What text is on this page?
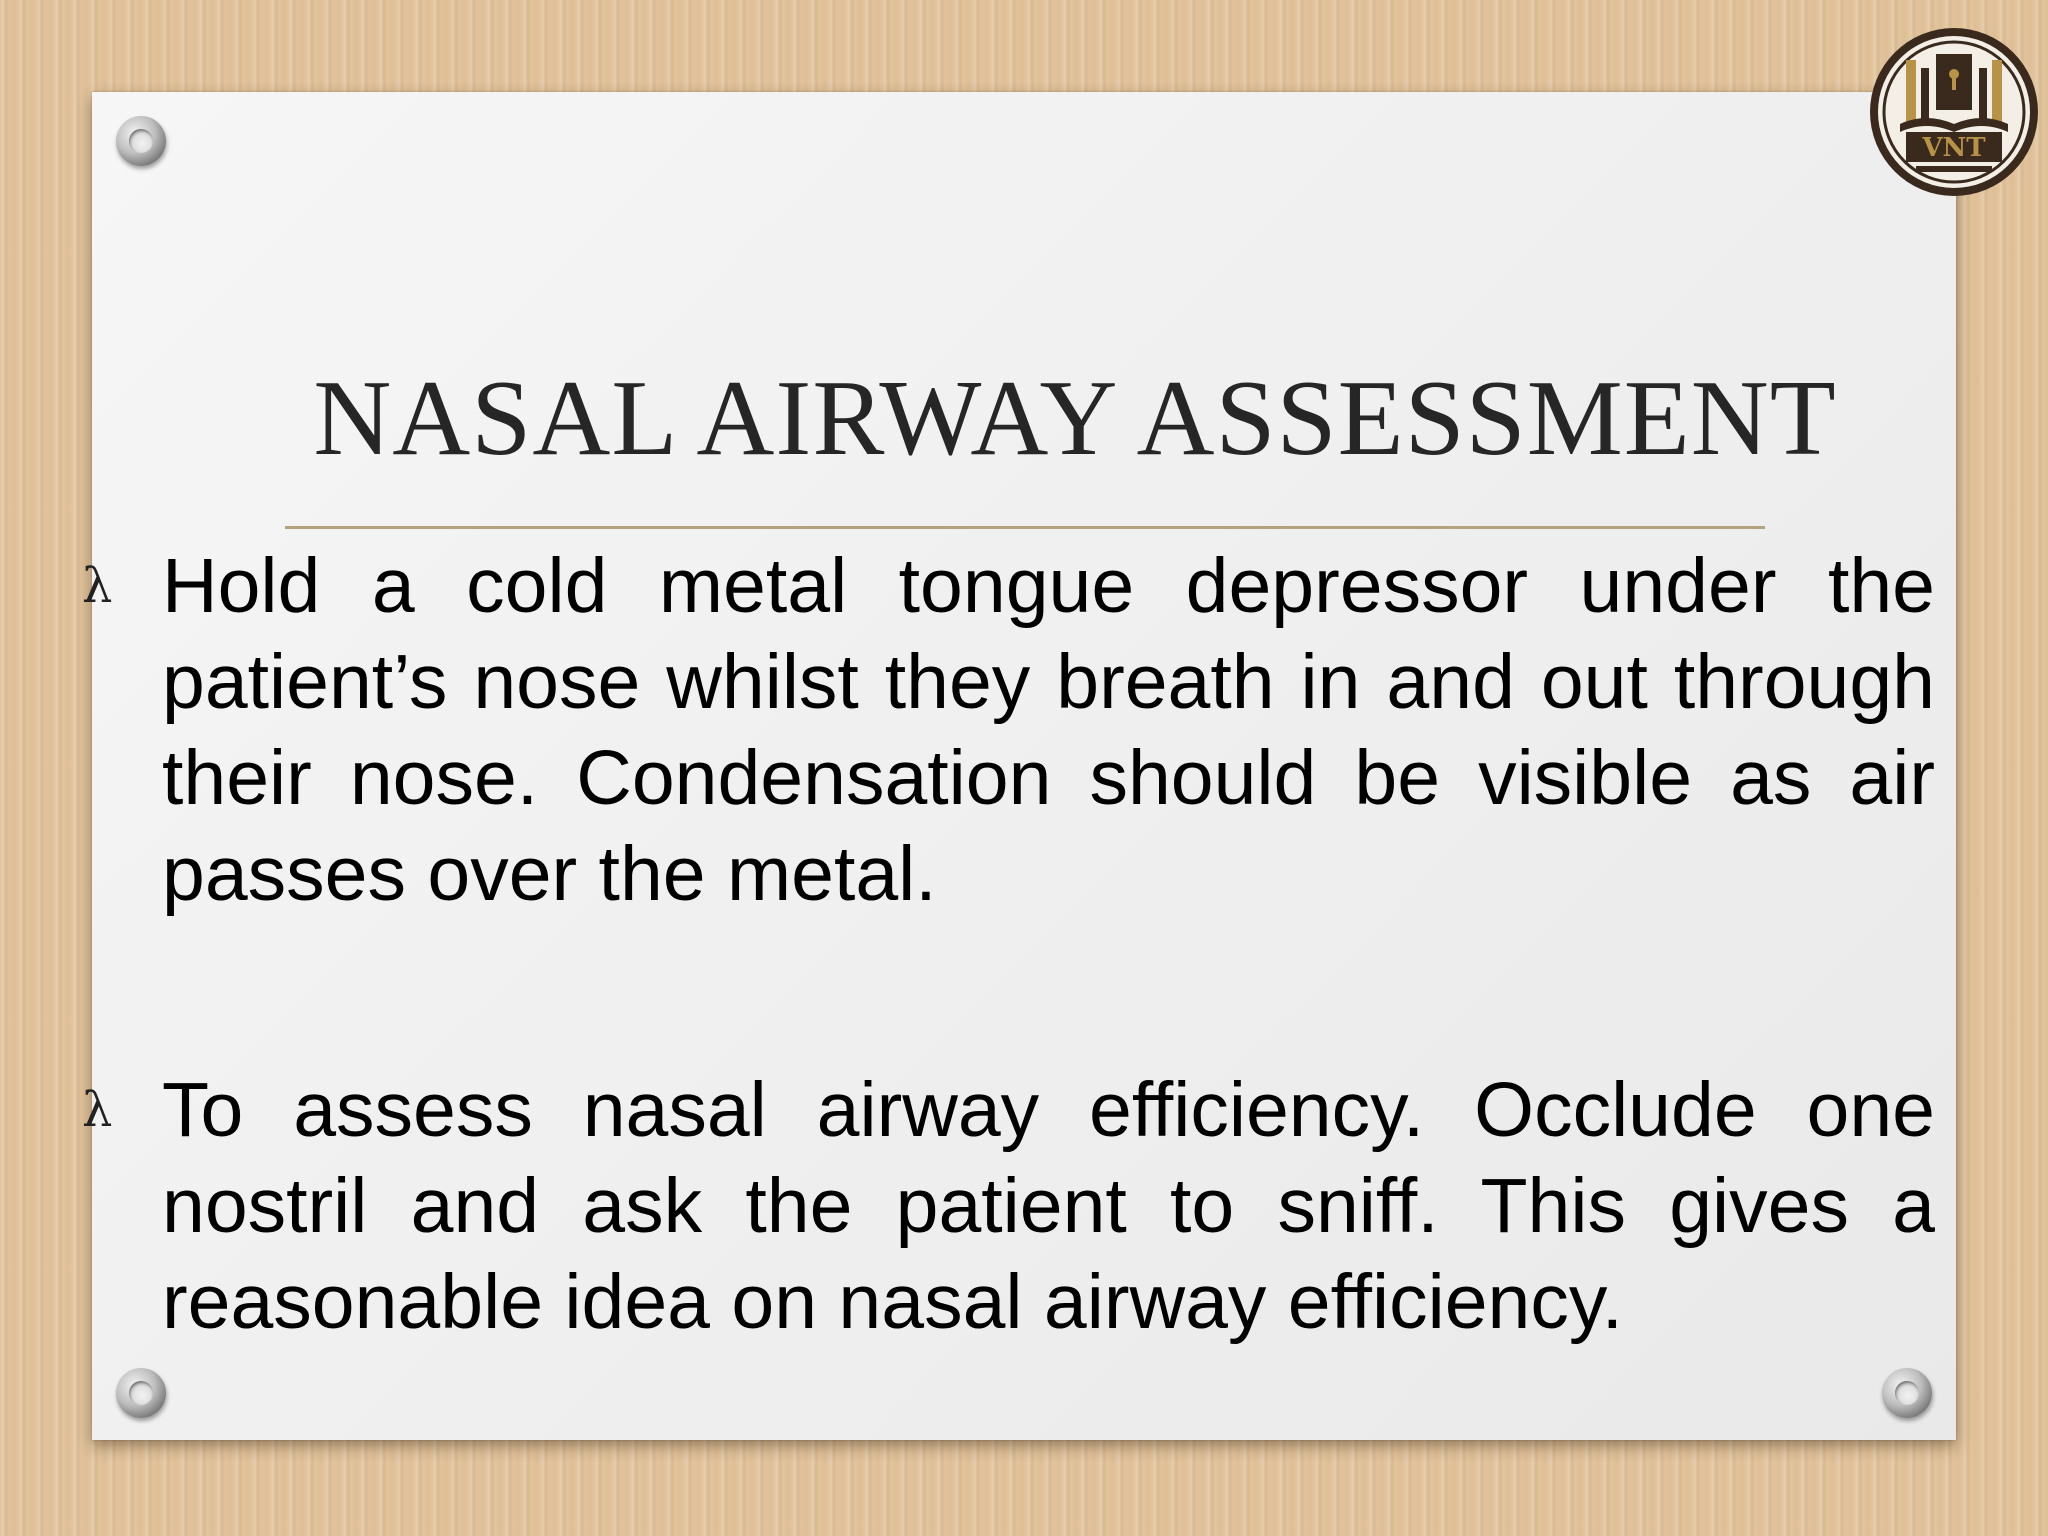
VNT
NASAL AIRWAY ASSESSMENT
λ Hold a cold metal tongue depressor under the patient’s nose whilst they breath in and out through their nose. Condensation should be visible as air passes over the metal.
λ To assess nasal airway efficiency. Occlude one nostril and ask the patient to sniff. This gives a reasonable idea on nasal airway efficiency.
